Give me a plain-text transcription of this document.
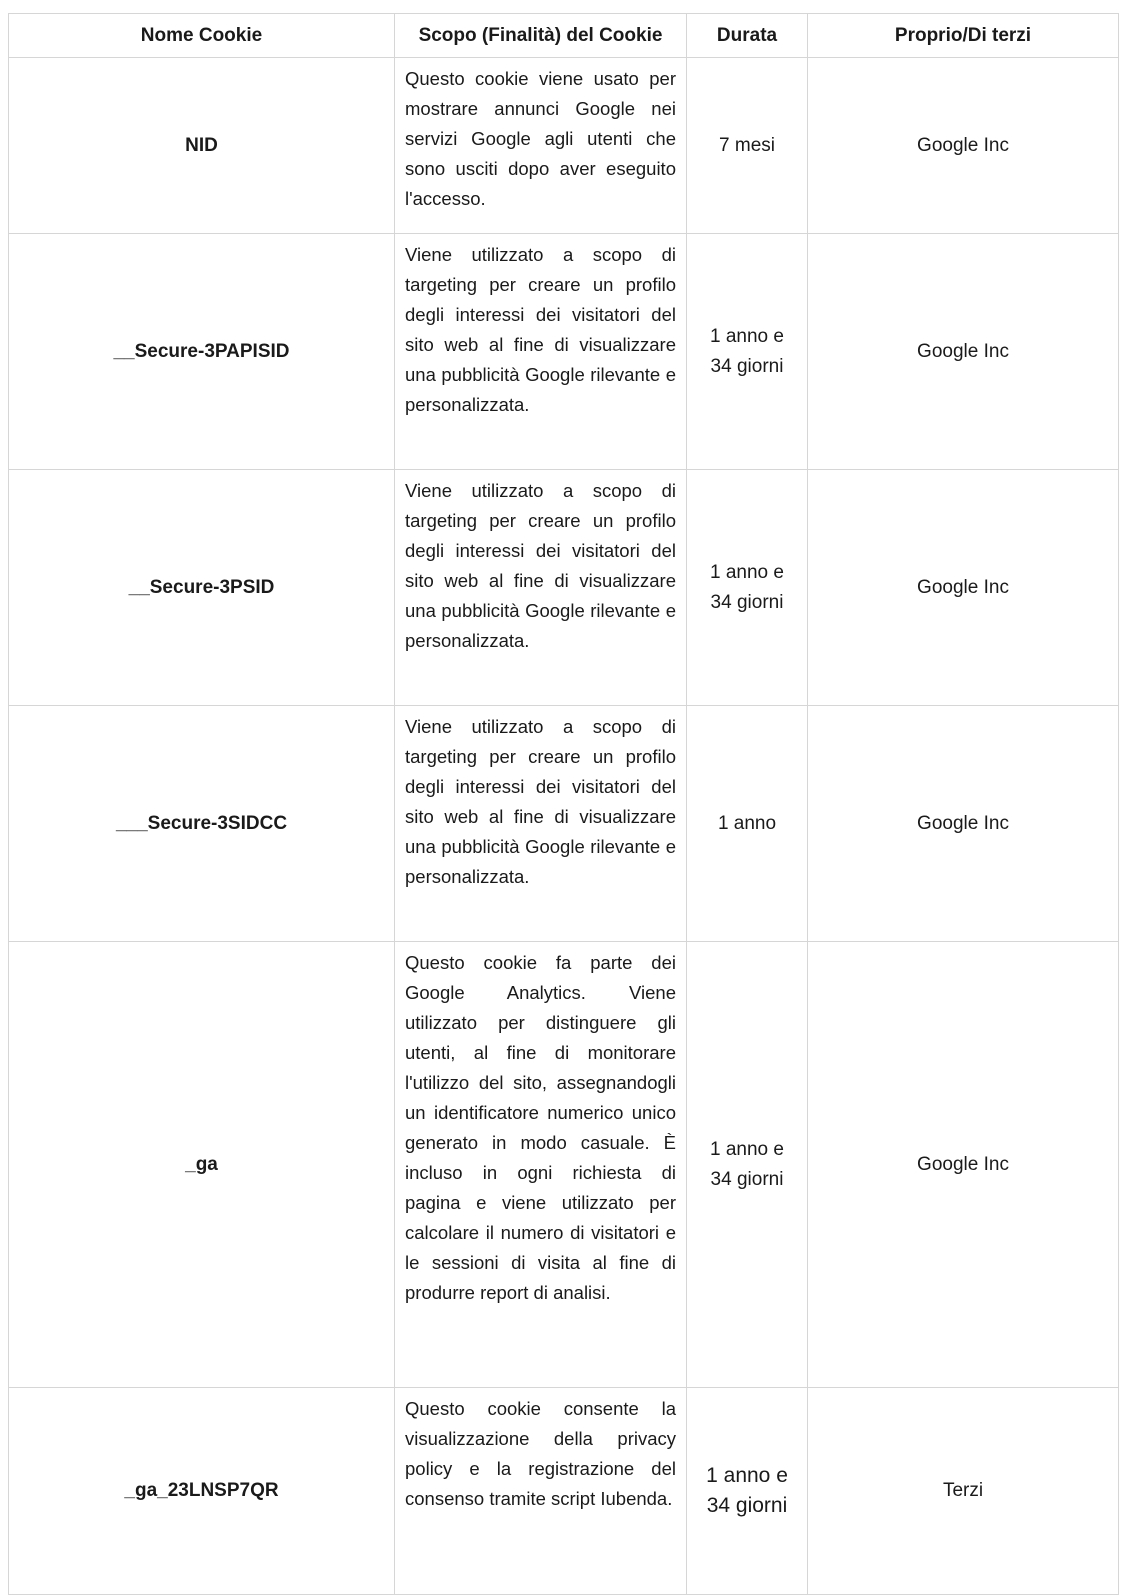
Nome Cookie	Scopo (Finalità) del Cookie	Durata	Proprio/Di terzi
NID	Questo cookie viene usato per mostrare annunci Google nei servizi Google agli utenti che sono usciti dopo aver eseguito l'accesso.	7 mesi	Google Inc
__Secure-3PAPISID	Viene utilizzato a scopo di targeting per creare un profilo degli interessi dei visitatori del sito web al fine di visualizzare una pubblicità Google rilevante e personalizzata.	1 anno e 34 giorni	Google Inc
__Secure-3PSID	Viene utilizzato a scopo di targeting per creare un profilo degli interessi dei visitatori del sito web al fine di visualizzare una pubblicità Google rilevante e personalizzata.	1 anno e 34 giorni	Google Inc
___Secure-3SIDCC	Viene utilizzato a scopo di targeting per creare un profilo degli interessi dei visitatori del sito web al fine di visualizzare una pubblicità Google rilevante e personalizzata.	1 anno	Google Inc
_ga	Questo cookie fa parte dei Google Analytics. Viene utilizzato per distinguere gli utenti, al fine di monitorare l'utilizzo del sito, assegnandogli un identificatore numerico unico generato in modo casuale. È incluso in ogni richiesta di pagina e viene utilizzato per calcolare il numero di visitatori e le sessioni di visita al fine di produrre report di analisi.	1 anno e 34 giorni	Google Inc
_ga_23LNSP7QR	Questo cookie consente la visualizzazione della privacy policy e la registrazione del consenso tramite script Iubenda.	1 anno e 34 giorni	Terzi
